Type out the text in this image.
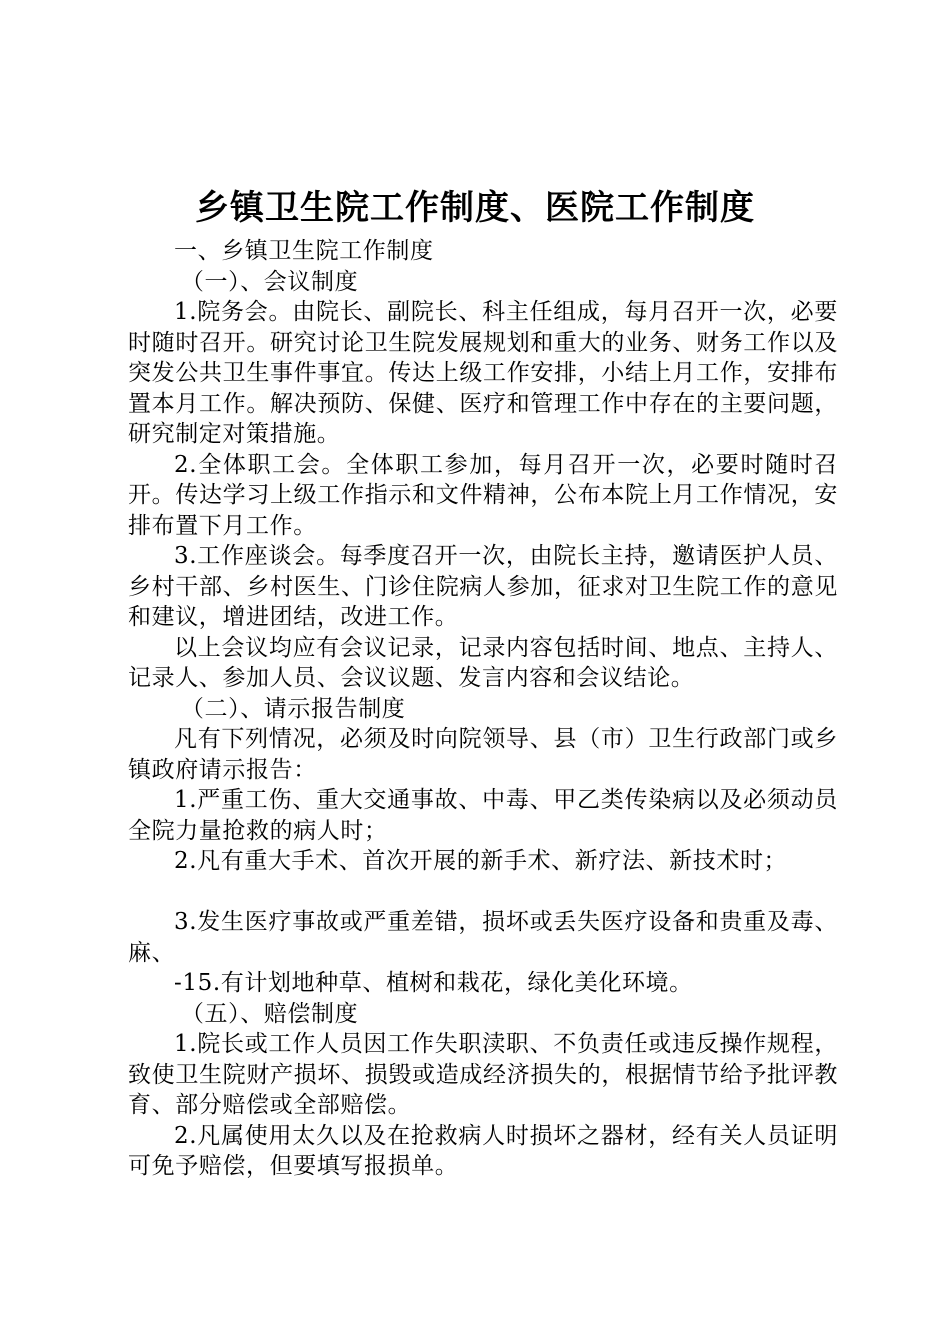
乡镇卫生院工作制度、医院工作制度

一、乡镇卫生院工作制度

（一）、会议制度

1.院务会。由院长、副院长、科主任组成，每月召开一次，必要时随时召开。研究讨论卫生院发展规划和重大的业务、财务工作以及突发公共卫生事件事宜。传达上级工作安排，小结上月工作，安排布置本月工作。解决预防、保健、医疗和管理工作中存在的主要问题，研究制定对策措施。

2.全体职工会。全体职工参加，每月召开一次，必要时随时召开。传达学习上级工作指示和文件精神，公布本院上月工作情况，安排布置下月工作。

3.工作座谈会。每季度召开一次，由院长主持，邀请医护人员、乡村干部、乡村医生、门诊住院病人参加，征求对卫生院工作的意见和建议，增进团结，改进工作。

以上会议均应有会议记录，记录内容包括时间、地点、主持人、记录人、参加人员、会议议题、发言内容和会议结论。

（二）、请示报告制度

凡有下列情况，必须及时向院领导、县（市）卫生行政部门或乡镇政府请示报告：

1.严重工伤、重大交通事故、中毒、甲乙类传染病以及必须动员全院力量抢救的病人时；

2.凡有重大手术、首次开展的新手术、新疗法、新技术时；

3.发生医疗事故或严重差错，损坏或丢失医疗设备和贵重及毒、麻、

-15.有计划地种草、植树和栽花，绿化美化环境。

（五）、赔偿制度

1.院长或工作人员因工作失职渎职、不负责任或违反操作规程，致使卫生院财产损坏、损毁或造成经济损失的，根据情节给予批评教育、部分赔偿或全部赔偿。

2.凡属使用太久以及在抢救病人时损坏之器材，经有关人员证明可免予赔偿，但要填写报损单。
